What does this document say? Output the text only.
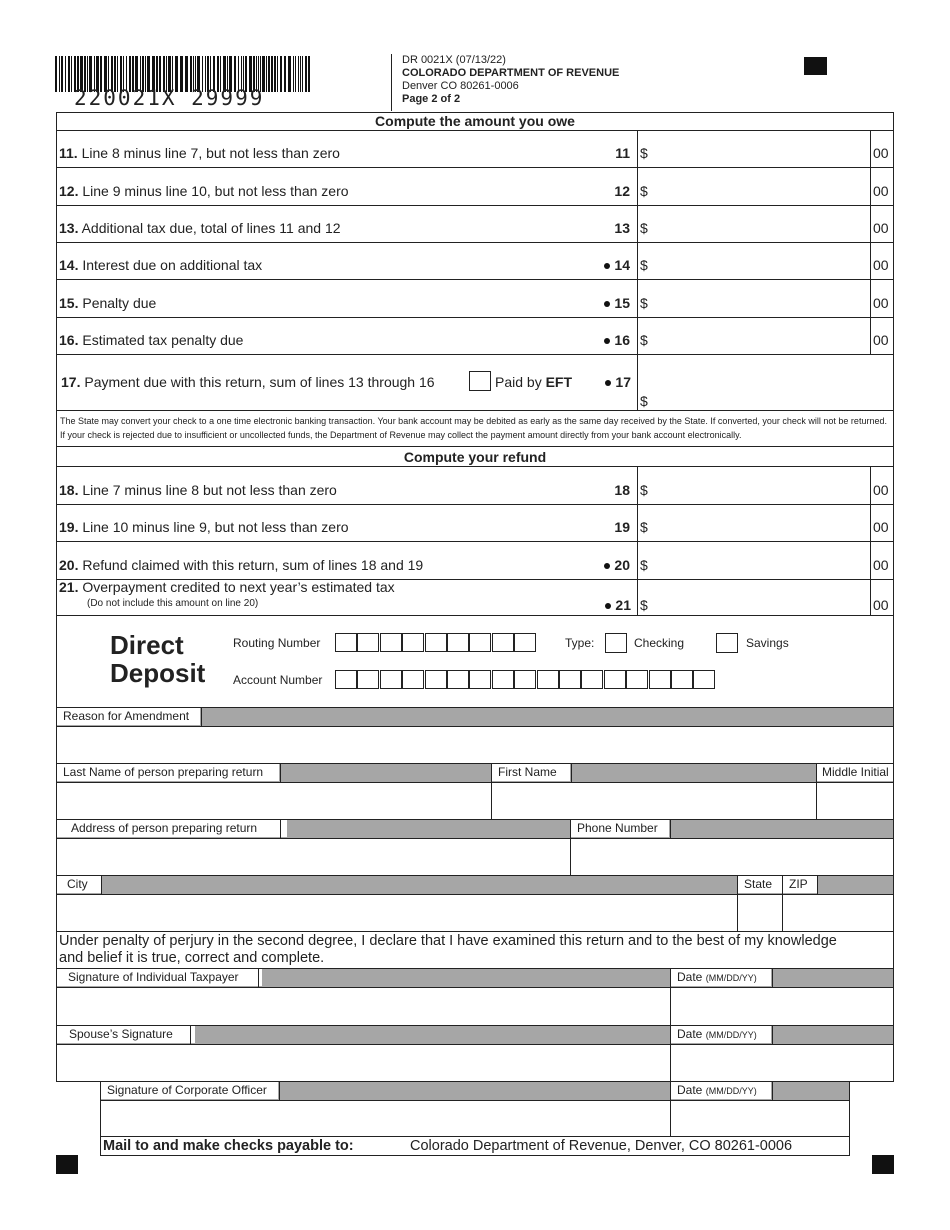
220021X 29999
DR 0021X (07/13/22)
COLORADO DEPARTMENT OF REVENUE
Denver CO 80261-0006
Page 2 of 2
Compute the amount you owe
11. Line 8 minus line 7, but not less than zero	11 $	00
12. Line 9 minus line 10, but not less than zero	12 $	00
13. Additional tax due, total of lines 11 and 12	13 $	00
14. Interest due on additional tax	14 $	00
15. Penalty due	15 $	00
16. Estimated tax penalty due	16 $	00
17. Payment due with this return, sum of lines 13 through 16	Paid by EFT	17
$
The State may convert your check to a one time electronic banking transaction. Your bank account may be debited as early as the same day received by the State. If converted, your check will not be returned. If your check is rejected due to insufficient or uncollected funds, the Department of Revenue may collect the payment amount directly from your bank account electronically.
Compute your refund
18. Line 7 minus line 8 but not less than zero	18 $	00
19. Line 10 minus line 9, but not less than zero	19 $	00
20. Refund claimed with this return, sum of lines 18 and 19	20 $	00
21. Overpayment credited to next year’s estimated tax
(Do not include this amount on line 20)	21 $	00
Direct
Deposit
Routing Number
Account Number
Type:	Checking	Savings
Reason for Amendment
Last Name of person preparing return	First Name	Middle Initial
Address of person preparing return	Phone Number
City	State	ZIP
Under penalty of perjury in the second degree, I declare that I have examined this return and to the best of my knowledge and belief it is true, correct and complete.
Signature of Individual Taxpayer	Date (MM/DD/YY)
Spouse’s Signature	Date (MM/DD/YY)
Signature of Corporate Officer	Date (MM/DD/YY)
Mail to and make checks payable to:	Colorado Department of Revenue, Denver, CO 80261-0006
